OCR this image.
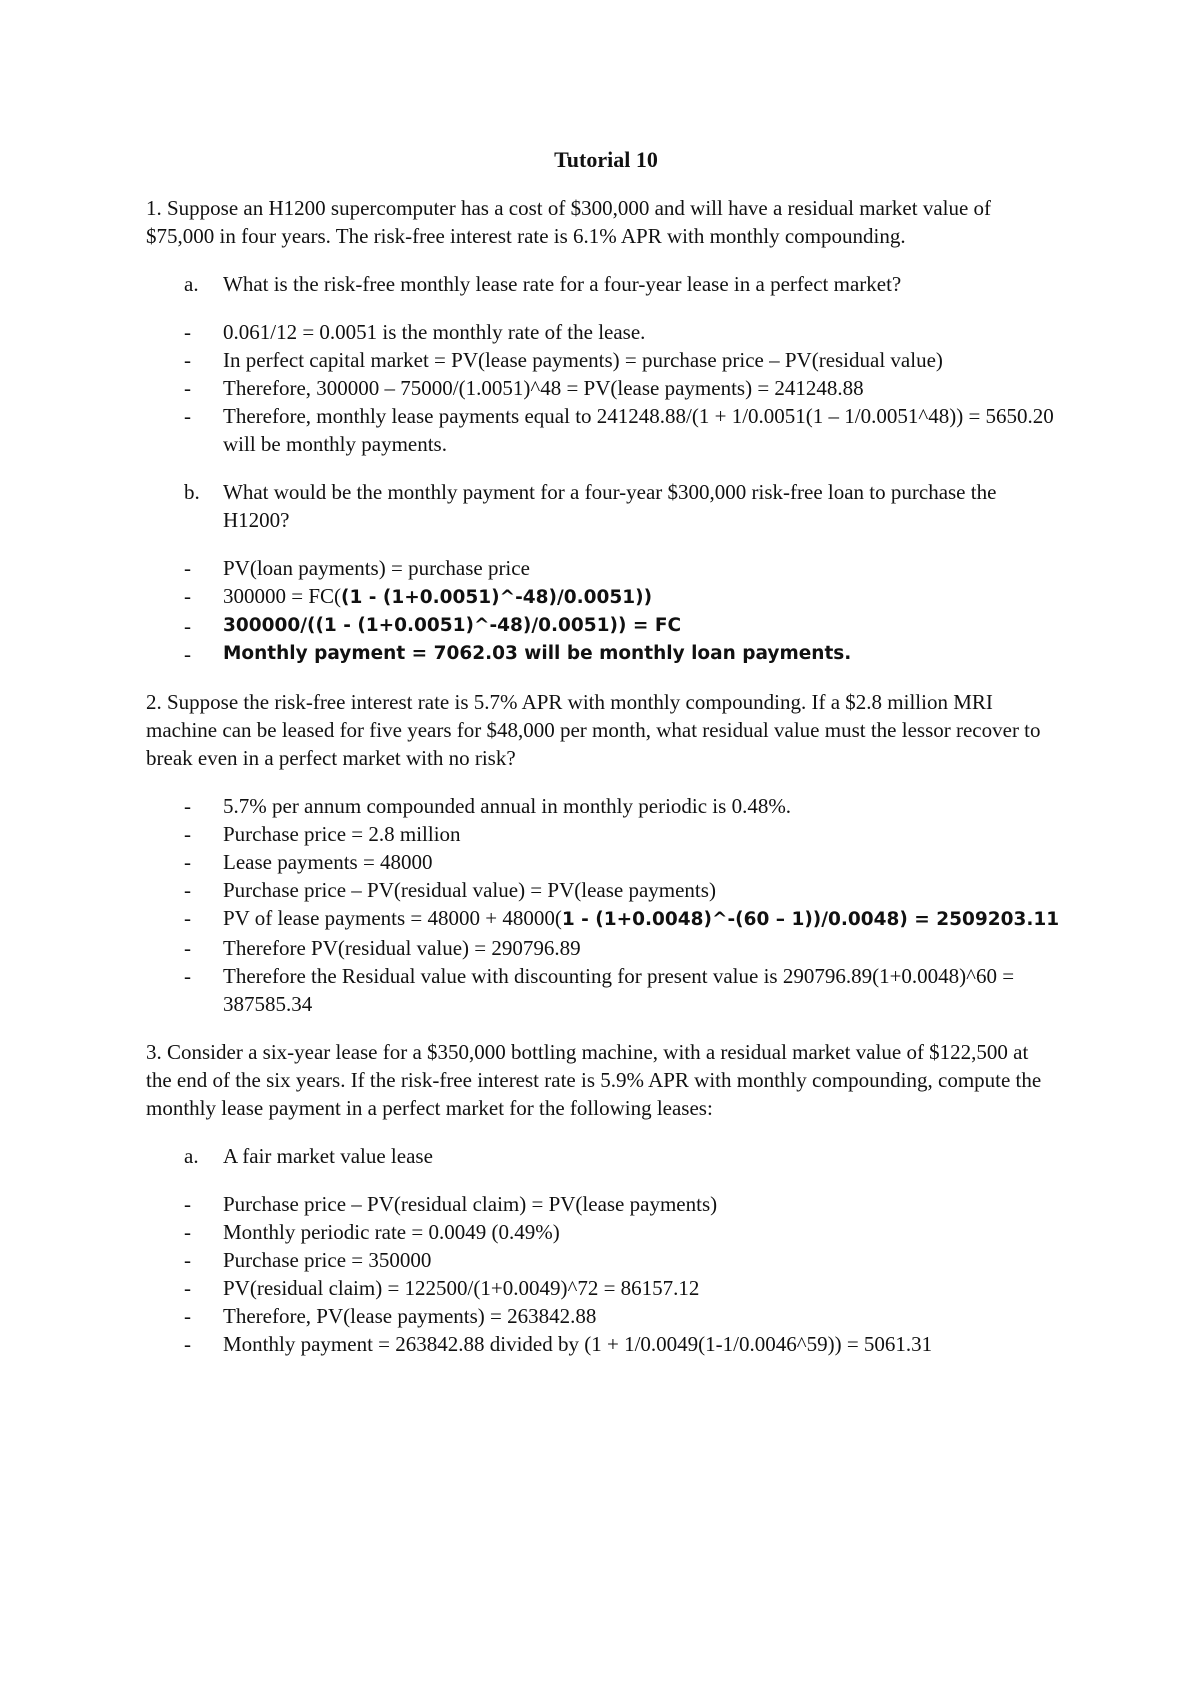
Tutorial 10
1. Suppose an H1200 supercomputer has a cost of $300,000 and will have a residual market value of $75,000 in four years. The risk-free interest rate is 6.1% APR with monthly compounding.
a.	What is the risk-free monthly lease rate for a four-year lease in a perfect market?
-	0.061/12 = 0.0051 is the monthly rate of the lease.
-	In perfect capital market = PV(lease payments) = purchase price – PV(residual value)
-	Therefore, 300000 – 75000/(1.0051)^48 = PV(lease payments) = 241248.88
-	Therefore, monthly lease payments equal to 241248.88/(1 + 1/0.0051(1 – 1/0.0051^48)) = 5650.20 will be monthly payments.
b.	What would be the monthly payment for a four-year $300,000 risk-free loan to purchase the H1200?
-	PV(loan payments) = purchase price
-	300000 = FC((1 - (1+0.0051)^-48)/0.0051))
-	300000/((1 - (1+0.0051)^-48)/0.0051)) = FC
-	Monthly payment = 7062.03 will be monthly loan payments.
2. Suppose the risk-free interest rate is 5.7% APR with monthly compounding. If a $2.8 million MRI machine can be leased for five years for $48,000 per month, what residual value must the lessor recover to break even in a perfect market with no risk?
-	5.7% per annum compounded annual in monthly periodic is 0.48%.
-	Purchase price = 2.8 million
-	Lease payments = 48000
-	Purchase price – PV(residual value) = PV(lease payments)
-	PV of lease payments = 48000 + 48000(1 - (1+0.0048)^-(60 – 1))/0.0048) = 2509203.11
-	Therefore PV(residual value) = 290796.89
-	Therefore the Residual value with discounting for present value is 290796.89(1+0.0048)^60 = 387585.34
3. Consider a six-year lease for a $350,000 bottling machine, with a residual market value of $122,500 at the end of the six years. If the risk-free interest rate is 5.9% APR with monthly compounding, compute the monthly lease payment in a perfect market for the following leases:
a.	A fair market value lease
-	Purchase price – PV(residual claim) = PV(lease payments)
-	Monthly periodic rate = 0.0049 (0.49%)
-	Purchase price = 350000
-	PV(residual claim) = 122500/(1+0.0049)^72 = 86157.12
-	Therefore, PV(lease payments) = 263842.88
-	Monthly payment = 263842.88 divided by (1 + 1/0.0049(1-1/0.0046^59)) = 5061.31
